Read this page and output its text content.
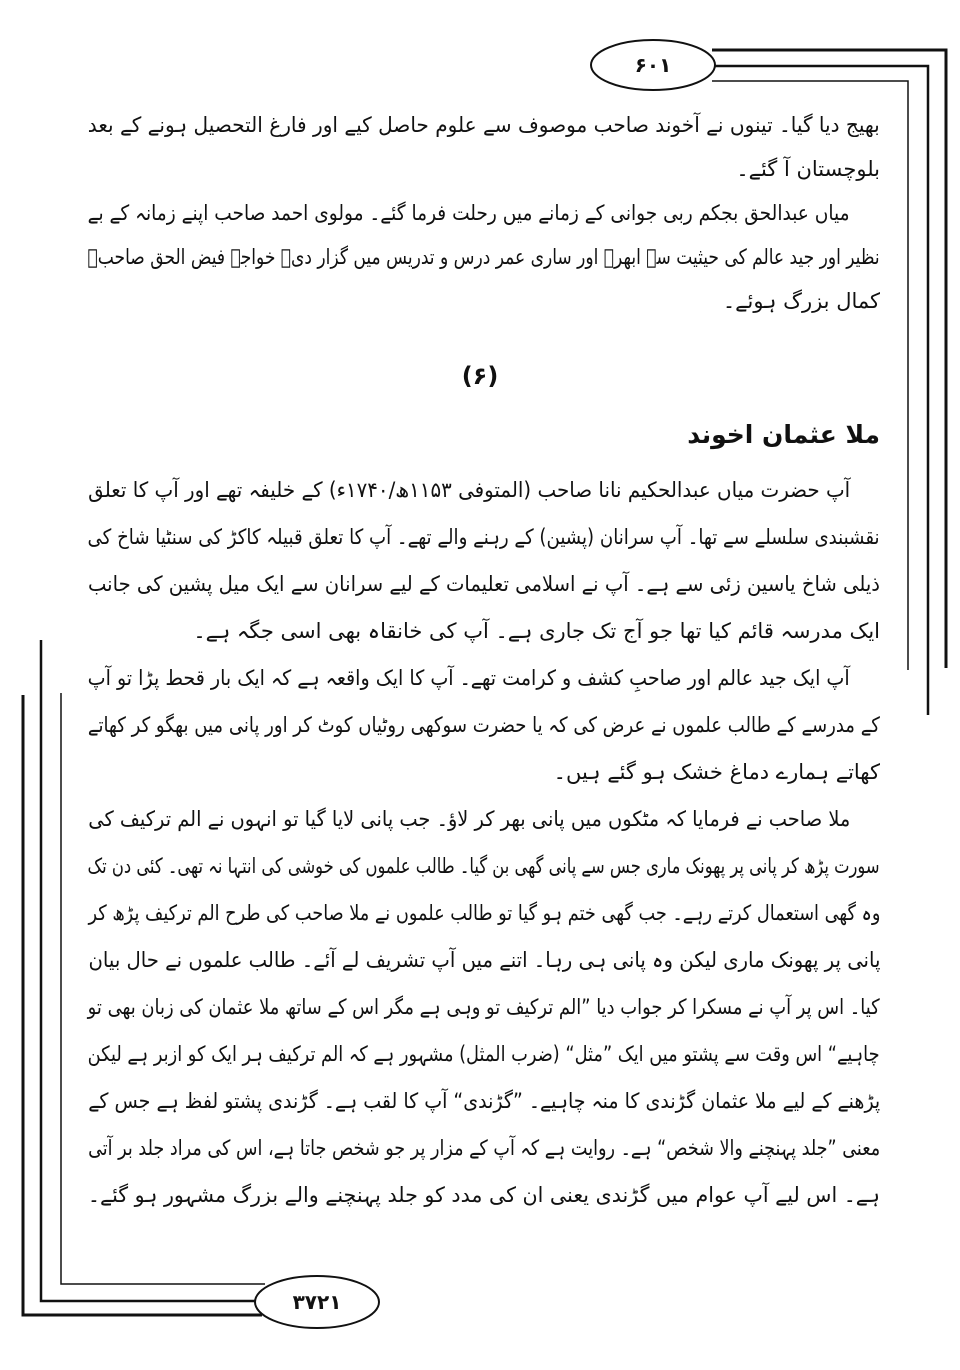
۶۰۱
۳۷۲۱
بھیج دیا گیا۔ تینوں نے آخوند صاحب موصوف سے علوم حاصل کیے اور فارغ التحصیل ہونے کے بعد
بلوچستان آ گئے۔
میاں عبدالحق بجکم ربی جوانی کے زمانے میں رحلت فرما گئے۔ مولوی احمد صاحب اپنے زمانہ کے بے
نظیر اور جید عالم کی حیثیت سے ابھرے اور ساری عمر درس و تدریس میں گزار دی۔ خواجہ فیض الحق صاحبؒ
کمال بزرگ ہوئے۔
(۶)
ملا عثمان اخوند
آپ حضرت میاں عبدالحکیم نانا صاحب (المتوفی ۱۱۵۳ھ/۱۷۴۰ء) کے خلیفہ تھے اور آپ کا تعلق
نقشبندی سلسلے سے تھا۔ آپ سرانان (پشین) کے رہنے والے تھے۔ آپ کا تعلق قبیلہ کاکڑ کی سنٹیا شاخ کی
ذیلی شاخ یاسین زئی سے ہے۔ آپ نے اسلامی تعلیمات کے لیے سرانان سے ایک میل پشین کی جانب
ایک مدرسہ قائم کیا تھا جو آج تک جاری ہے۔ آپ کی خانقاہ بھی اسی جگہ ہے۔
آپ ایک جید عالم اور صاحبِ کشف و کرامت تھے۔ آپ کا ایک واقعہ ہے کہ ایک بار قحط پڑا تو آپ
کے مدرسے کے طالب علموں نے عرض کی کہ یا حضرت سوکھی روٹیاں کوٹ کر اور پانی میں بھگو کر کھاتے
کھاتے ہمارے دماغ خشک ہو گئے ہیں۔
ملا صاحب نے فرمایا کہ مٹکوں میں پانی بھر کر لاؤ۔ جب پانی لایا گیا تو انہوں نے الم ترکیف کی
سورت پڑھ کر پانی پر پھونک ماری جس سے پانی گھی بن گیا۔ طالب علموں کی خوشی کی انتہا نہ تھی۔ کئی دن تک
وہ گھی استعمال کرتے رہے۔ جب گھی ختم ہو گیا تو طالب علموں نے ملا صاحب کی طرح الم ترکیف پڑھ کر
پانی پر پھونک ماری لیکن وہ پانی ہی رہا۔ اتنے میں آپ تشریف لے آئے۔ طالب علموں نے حال بیان
کیا۔ اس پر آپ نے مسکرا کر جواب دیا ”الم ترکیف تو وہی ہے مگر اس کے ساتھ ملا عثمان کی زبان بھی تو
چاہیے“ اس وقت سے پشتو میں ایک ”مثل“ (ضرب المثل) مشہور ہے کہ الم ترکیف ہر ایک کو ازبر ہے لیکن
پڑھنے کے لیے ملا عثمان گڑندی کا منہ چاہیے۔ ”گڑندی“ آپ کا لقب ہے۔ گڑندی پشتو لفظ ہے جس کے
معنی ”جلد پہنچنے والا شخص“ ہے۔ روایت ہے کہ آپ کے مزار پر جو شخص جاتا ہے، اس کی مراد جلد بر آتی
ہے۔ اس لیے آپ عوام میں گڑندی یعنی ان کی مدد کو جلد پہنچنے والے بزرگ مشہور ہو گئے۔
